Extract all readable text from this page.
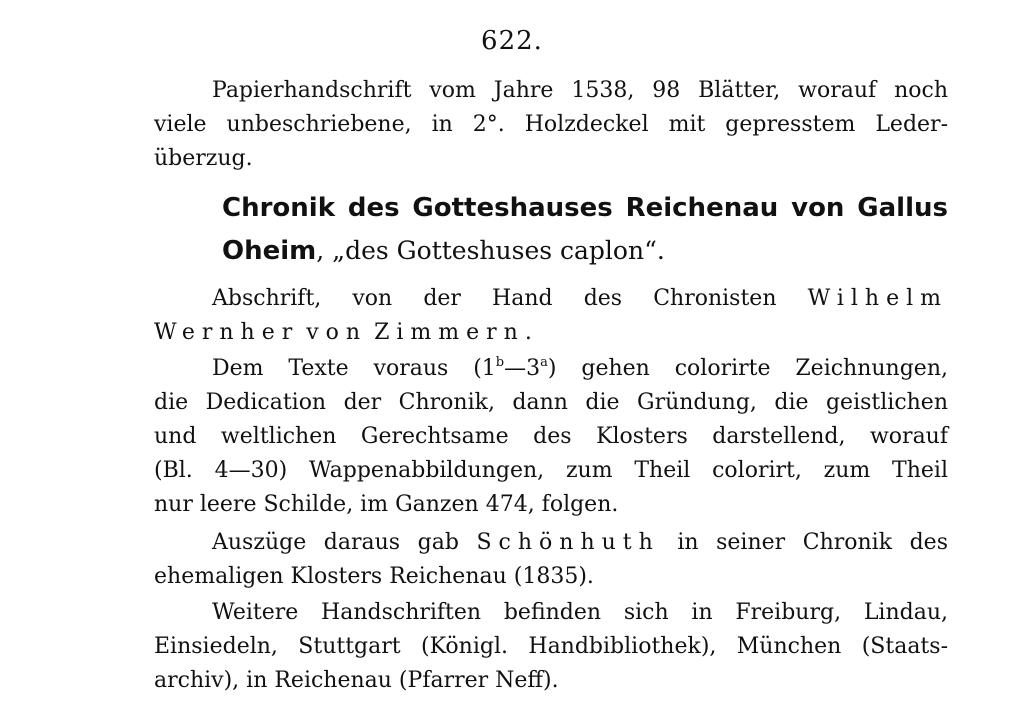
622.
Papierhandschrift vom Jahre 1538, 98 Blätter, worauf noch
viele unbeschriebene, in 2°. Holzdeckel mit gepresstem Leder-
überzug.
Chronik des Gotteshauses Reichenau von Gallus
Oheim, „des Gotteshuses caplon“.
Abschrift, von der Hand des Chronisten Wilhelm
Wernher von Zimmern.
Dem Texte voraus (1$^b$—3$^a$) gehen colorirte Zeichnungen,
die Dedication der Chronik, dann die Gründung, die geistlichen
und weltlichen Gerechtsame des Klosters darstellend, worauf
(Bl. 4—30) Wappenabbildungen, zum Theil colorirt, zum Theil
nur leere Schilde, im Ganzen 474, folgen.
Auszüge daraus gab Schönhuth in seiner Chronik des
ehemaligen Klosters Reichenau (1835).
Weitere Handschriften befinden sich in Freiburg, Lindau,
Einsiedeln, Stuttgart (Königl. Handbibliothek), München (Staats-
archiv), in Reichenau (Pfarrer Neff).
